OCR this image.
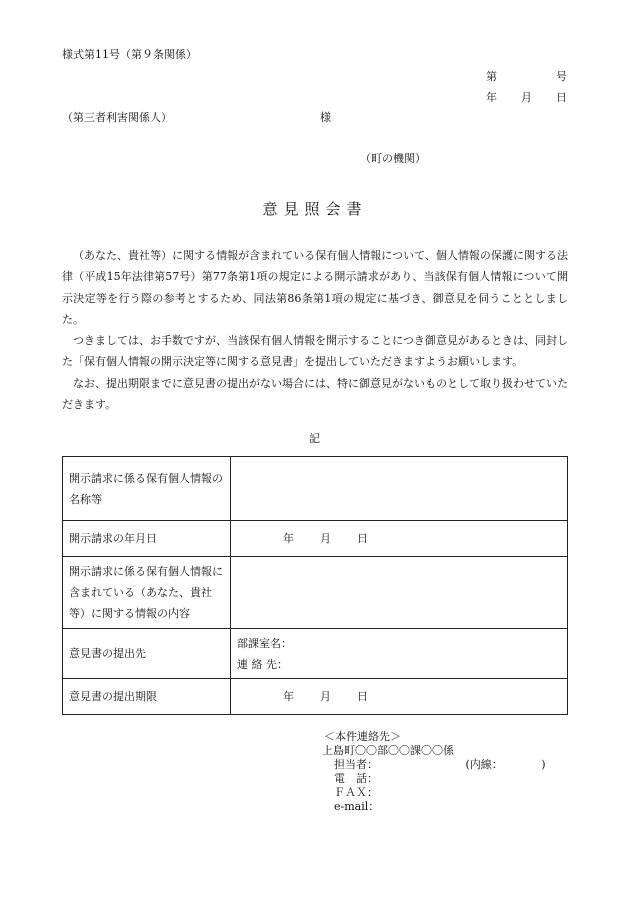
様式第11号（第９条関係）
第	号
年 月 日
（第三者利害関係人）	様
（町の機関）
意見照会書

（あなた、貴社等）に関する情報が含まれている保有個人情報について、個人情報の保護に関する法律（平成15年法律第57号）第77条第1項の規定による開示請求があり、当該保有個人情報について開示決定等を行う際の参考とするため、同法第86条第1項の規定に基づき、御意見を伺うこととしました。

つきましては、お手数ですが、当該保有個人情報を開示することにつき御意見があるときは、同封した「保有個人情報の開示決定等に関する意見書」を提出していただきますようお願いします。

なお、提出期限までに意見書の提出がない場合には、特に御意見がないものとして取り扱わせていただきます。

記
開示請求に係る保有個人情報の名称等	
開示請求の年月日	年 月 日
開示請求に係る保有個人情報に含まれている（あなた、貴社等）に関する情報の内容	
意見書の提出先	部課室名：
連 絡 先：

意見書の提出期限	年 月 日
＜本件連絡先＞
上島町〇〇部〇〇課〇〇係
担当者：	(内線：　　　　)
電　話：
ＦＡＸ：
e-mail：
